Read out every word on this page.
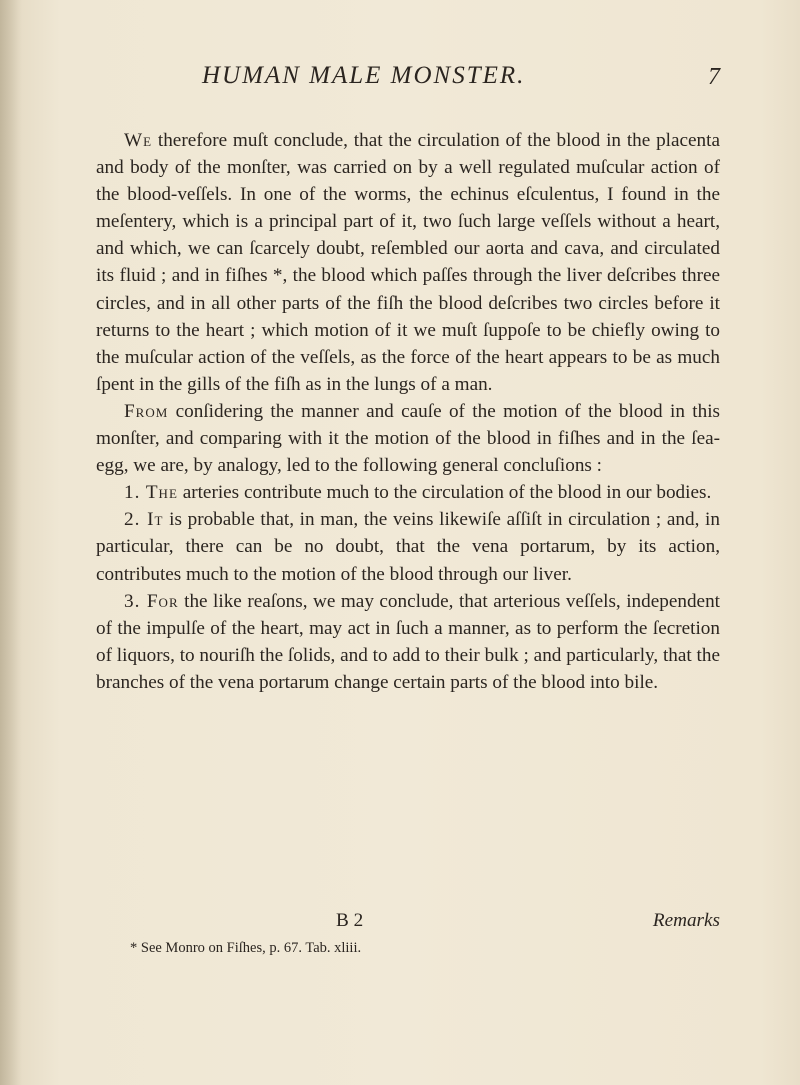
HUMAN MALE MONSTER.	7

We therefore muſt conclude, that the circulation of the blood in the placenta and body of the monſter, was carried on by a well regulated muſcular action of the blood-veſſels. In one of the worms, the echinus eſculentus, I found in the meſentery, which is a principal part of it, two ſuch large veſſels without a heart, and which, we can ſcarcely doubt, reſembled our aorta and cava, and circulated its fluid ; and in fiſhes *, the blood which paſſes through the liver deſcribes three circles, and in all other parts of the fiſh the blood deſcribes two circles before it returns to the heart ; which motion of it we muſt ſuppoſe to be chiefly owing to the muſcular action of the veſſels, as the force of the heart appears to be as much ſpent in the gills of the fiſh as in the lungs of a man.

From conſidering the manner and cauſe of the motion of the blood in this monſter, and comparing with it the motion of the blood in fiſhes and in the ſea-egg, we are, by analogy, led to the following general concluſions :

1. The arteries contribute much to the circulation of the blood in our bodies.

2. It is probable that, in man, the veins likewiſe aſſiſt in circulation ; and, in particular, there can be no doubt, that the vena portarum, by its action, contributes much to the motion of the blood through our liver.

3. For the like reaſons, we may conclude, that arterious veſſels, independent of the impulſe of the heart, may act in ſuch a manner, as to perform the ſecretion of liquors, to nouriſh the ſolids, and to add to their bulk ; and particularly, that the branches of the vena portarum change certain parts of the blood into bile.

B 2	Remarks
* See Monro on Fiſhes, p. 67. Tab. xliii.
